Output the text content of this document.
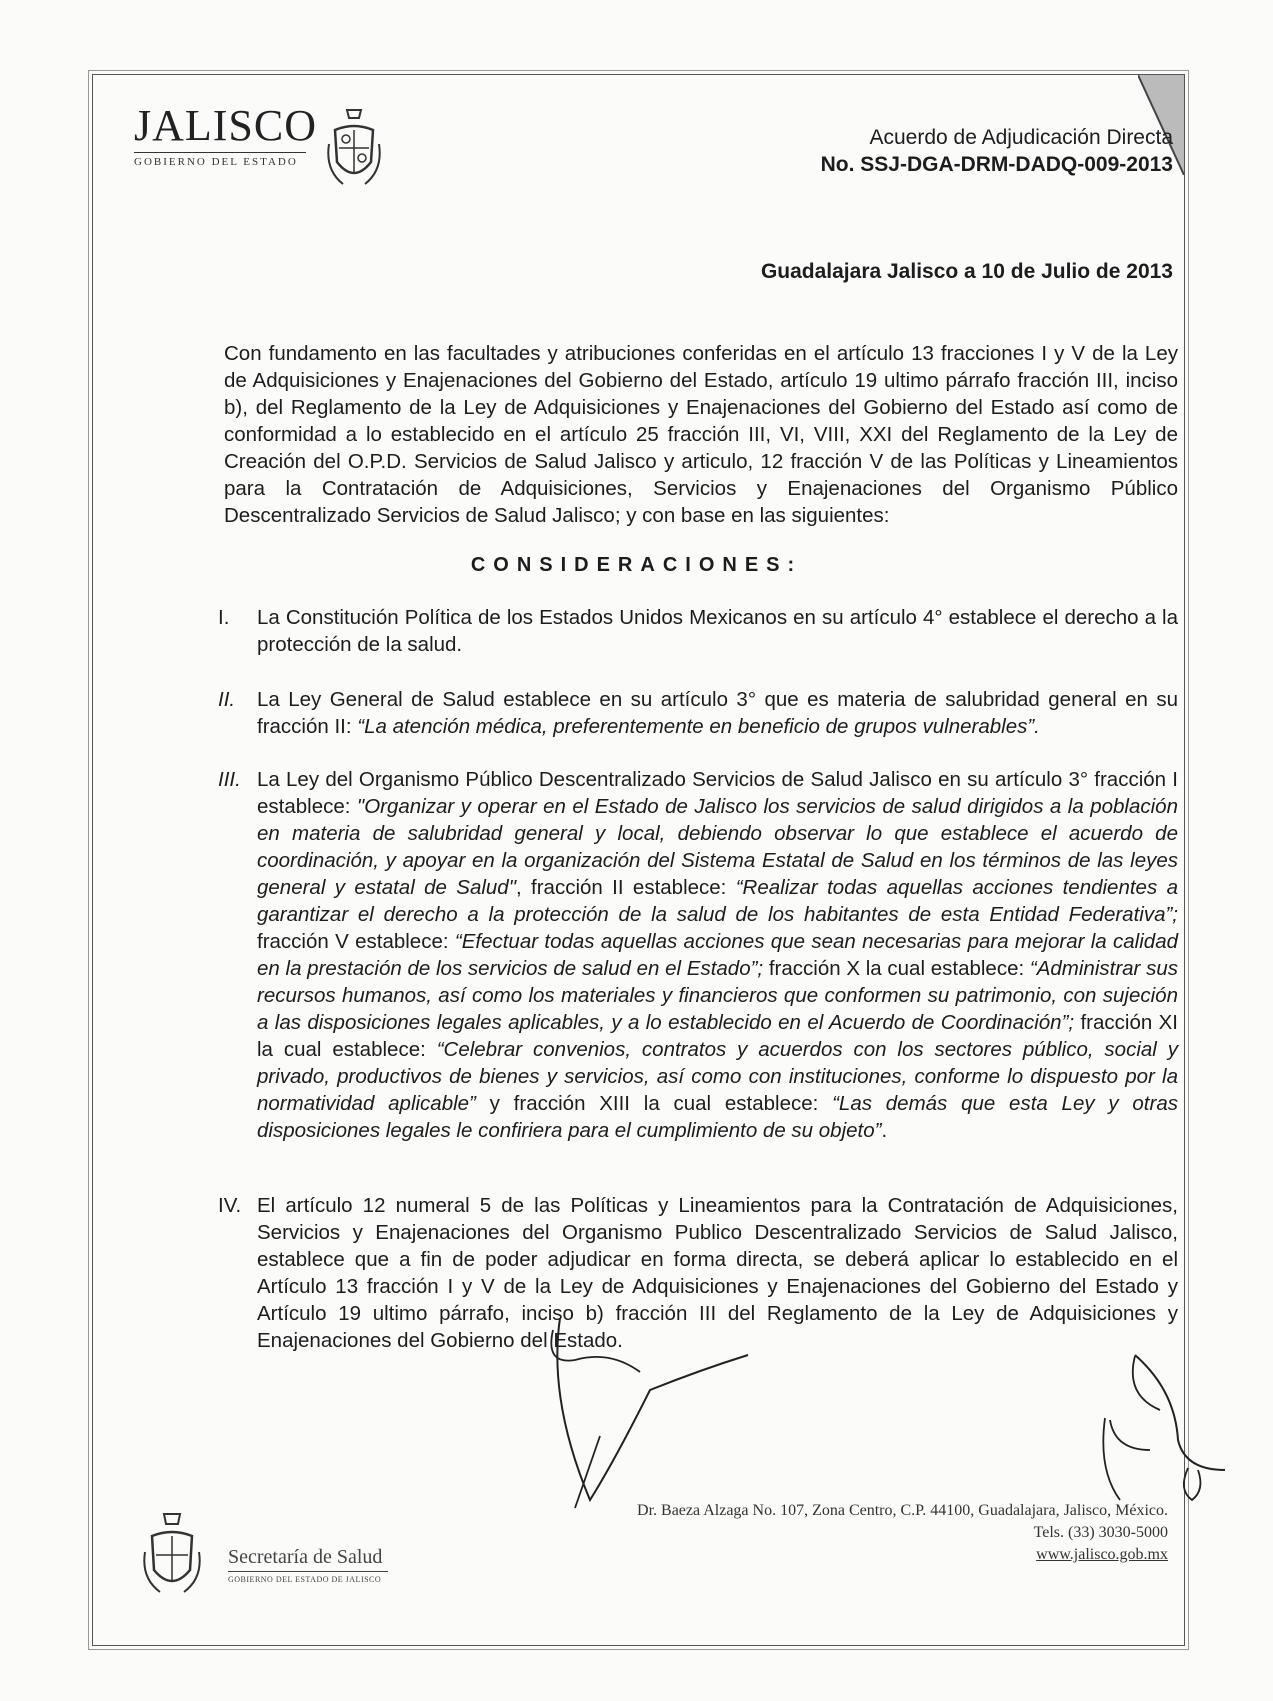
JALISCO
GOBIERNO DEL ESTADO
Acuerdo de Adjudicación Directa
No. SSJ-DGA-DRM-DADQ-009-2013
Guadalajara Jalisco a 10 de Julio de 2013
Con fundamento en las facultades y atribuciones conferidas en el artículo 13 fracciones I y V de la Ley de Adquisiciones y Enajenaciones del Gobierno del Estado, artículo 19 ultimo párrafo fracción III, inciso b), del Reglamento de la Ley de Adquisiciones y Enajenaciones del Gobierno del Estado así como de conformidad a lo establecido en el artículo 25 fracción III, VI, VIII, XXI del Reglamento de la Ley de Creación del O.P.D. Servicios de Salud Jalisco y articulo, 12 fracción V de las Políticas y Lineamientos para la Contratación de Adquisiciones, Servicios y Enajenaciones del Organismo Público Descentralizado Servicios de Salud Jalisco; y con base en las siguientes:
CONSIDERACIONES:
I. La Constitución Política de los Estados Unidos Mexicanos en su artículo 4° establece el derecho a la protección de la salud.
II. La Ley General de Salud establece en su artículo 3° que es materia de salubridad general en su fracción II: “La atención médica, preferentemente en beneficio de grupos vulnerables”.
III. La Ley del Organismo Público Descentralizado Servicios de Salud Jalisco en su artículo 3° fracción I establece: "Organizar y operar en el Estado de Jalisco los servicios de salud dirigidos a la población en materia de salubridad general y local, debiendo observar lo que establece el acuerdo de coordinación, y apoyar en la organización del Sistema Estatal de Salud en los términos de las leyes general y estatal de Salud", fracción II establece: “Realizar todas aquellas acciones tendientes a garantizar el derecho a la protección de la salud de los habitantes de esta Entidad Federativa”; fracción V establece: “Efectuar todas aquellas acciones que sean necesarias para mejorar la calidad en la prestación de los servicios de salud en el Estado”; fracción X la cual establece: “Administrar sus recursos humanos, así como los materiales y financieros que conformen su patrimonio, con sujeción a las disposiciones legales aplicables, y a lo establecido en el Acuerdo de Coordinación”; fracción XI la cual establece: “Celebrar convenios, contratos y acuerdos con los sectores público, social y privado, productivos de bienes y servicios, así como con instituciones, conforme lo dispuesto por la normatividad aplicable” y fracción XIII la cual establece: “Las demás que esta Ley y otras disposiciones legales le confiriera para el cumplimiento de su objeto”.
IV. El artículo 12 numeral 5 de las Políticas y Lineamientos para la Contratación de Adquisiciones, Servicios y Enajenaciones del Organismo Publico Descentralizado Servicios de Salud Jalisco, establece que a fin de poder adjudicar en forma directa, se deberá aplicar lo establecido en el Artículo 13 fracción I y V de la Ley de Adquisiciones y Enajenaciones del Gobierno del Estado y Artículo 19 ultimo párrafo, inciso b) fracción III del Reglamento de la Ley de Adquisiciones y Enajenaciones del Gobierno del Estado.
Dr. Baeza Alzaga No. 107, Zona Centro, C.P. 44100, Guadalajara, Jalisco, México.
Tels. (33) 3030-5000
www.jalisco.gob.mx
Secretaría de Salud
GOBIERNO DEL ESTADO DE JALISCO
